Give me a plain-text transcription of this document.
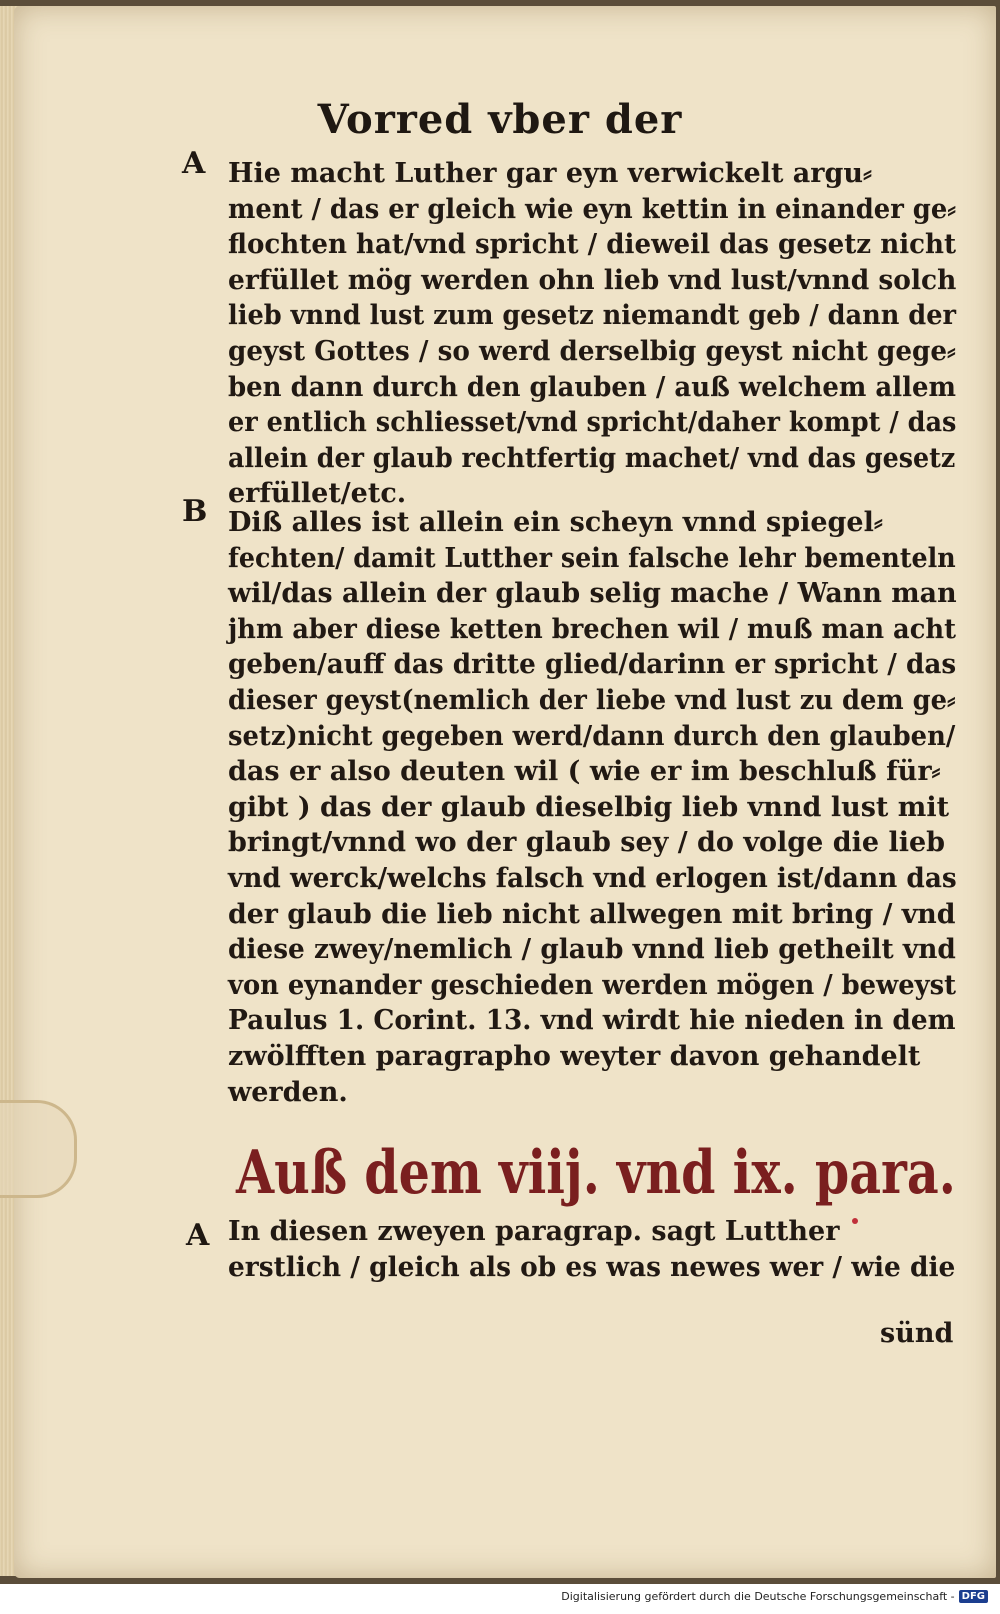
Vorred vber der
A Hie macht Luther gar eyn verwickelt argu⸗
ment / das er gleich wie eyn kettin in einander ge⸗
flochten hat/vnd spricht / dieweil das gesetz nicht
erfüllet mög werden ohn lieb vnd lust/vnnd solch
lieb vnnd lust zum gesetz niemandt geb / dann der
geyst Gottes / so werd derselbig geyst nicht gege⸗
ben dann durch den glauben / auß welchem allem
er entlich schliesset/vnd spricht/daher kompt / das
allein der glaub rechtfertig machet/ vnd das gesetz
erfüllet/etc.
B Diß alles ist allein ein scheyn vnnd spiegel⸗
fechten/ damit Lutther sein falsche lehr bementeln
wil/das allein der glaub selig mache / Wann man
jhm aber diese ketten brechen wil / muß man acht
geben/auff das dritte glied/darinn er spricht / das
dieser geyst(nemlich der liebe vnd lust zu dem ge⸗
setz)nicht gegeben werd/dann durch den glauben/
das er also deuten wil ( wie er im beschluß für⸗
gibt ) das der glaub dieselbig lieb vnnd lust mit
bringt/vnnd wo der glaub sey / do volge die lieb
vnd werck/welchs falsch vnd erlogen ist/dann das
der glaub die lieb nicht allwegen mit bring / vnd
diese zwey/nemlich / glaub vnnd lieb getheilt vnd
von eynander geschieden werden mögen / beweyst
Paulus 1. Corint. 13. vnd wirdt hie nieden in dem
zwölfften paragrapho weyter davon gehandelt
werden.
Auß dem viij. vnd ix. para.
A In diesen zweyen paragrap. sagt Lutther
erstlich / gleich als ob es was newes wer / wie die
sünd
Digitalisierung gefördert durch die Deutsche Forschungsgemeinschaft - DFG
